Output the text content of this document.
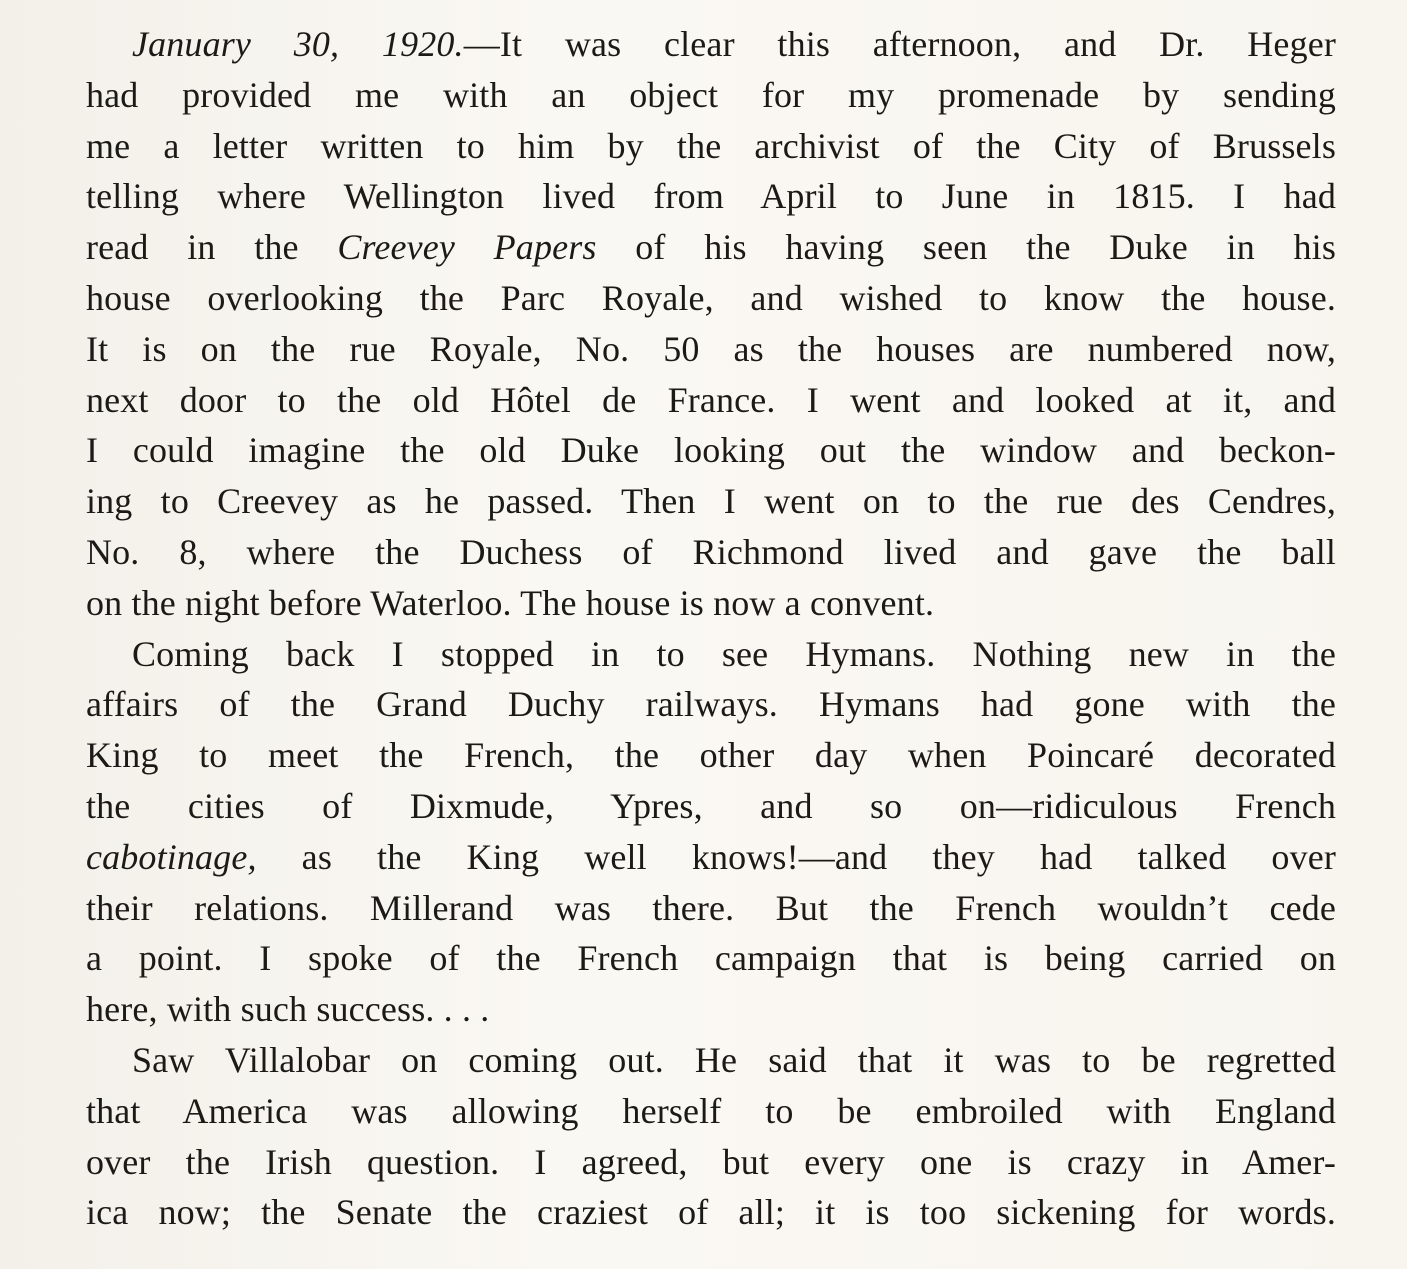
January 30, 1920.—It was clear this afternoon, and Dr. Heger
had provided me with an object for my promenade by sending
me a letter written to him by the archivist of the City of Brussels
telling where Wellington lived from April to June in 1815. I had
read in the Creevey Papers of his having seen the Duke in his
house overlooking the Parc Royale, and wished to know the house.
It is on the rue Royale, No. 50 as the houses are numbered now,
next door to the old Hôtel de France. I went and looked at it, and
I could imagine the old Duke looking out the window and beckon-
ing to Creevey as he passed. Then I went on to the rue des Cendres,
No. 8, where the Duchess of Richmond lived and gave the ball
on the night before Waterloo. The house is now a convent.
Coming back I stopped in to see Hymans. Nothing new in the
affairs of the Grand Duchy railways. Hymans had gone with the
King to meet the French, the other day when Poincaré decorated
the cities of Dixmude, Ypres, and so on—ridiculous French
cabotinage, as the King well knows!—and they had talked over
their relations. Millerand was there. But the French wouldn’t cede
a point. I spoke of the French campaign that is being carried on
here, with such success. . . .
Saw Villalobar on coming out. He said that it was to be regretted
that America was allowing herself to be embroiled with England
over the Irish question. I agreed, but every one is crazy in Amer-
ica now; the Senate the craziest of all; it is too sickening for words.
